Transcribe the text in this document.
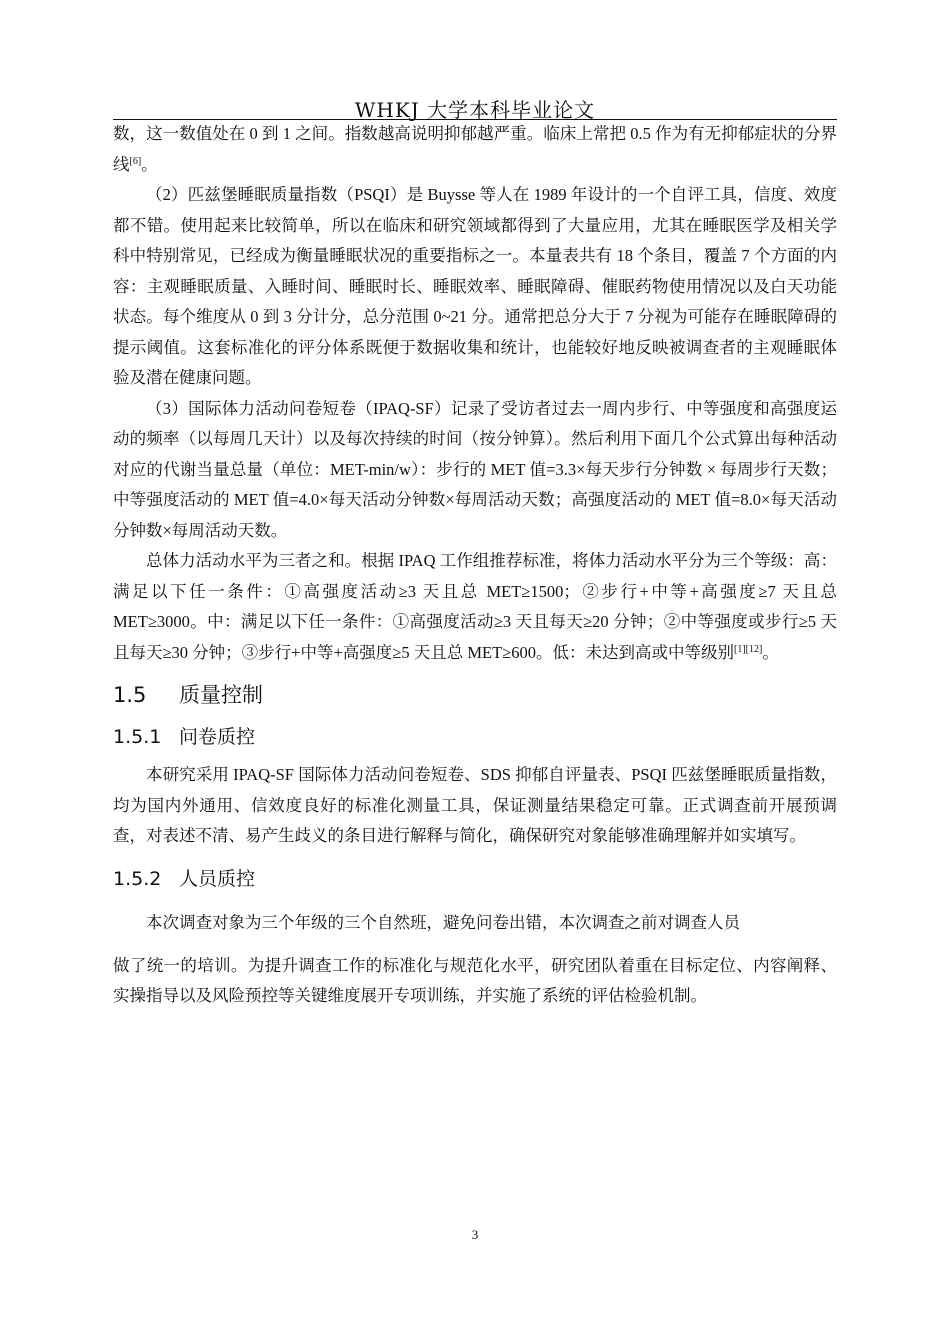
WHKJ 大学本科毕业论文

数，这一数值处在 0 到 1 之间。指数越高说明抑郁越严重。临床上常把 0.5 作为有无抑郁症状的分界线[6]。

（2）匹兹堡睡眠质量指数（PSQI）是 Buysse 等人在 1989 年设计的一个自评工具，信度、效度都不错。使用起来比较简单，所以在临床和研究领域都得到了大量应用，尤其在睡眠医学及相关学科中特别常见，已经成为衡量睡眠状况的重要指标之一。本量表共有 18 个条目，覆盖 7 个方面的内容：主观睡眠质量、入睡时间、睡眠时长、睡眠效率、睡眠障碍、催眠药物使用情况以及白天功能状态。每个维度从 0 到 3 分计分，总分范围 0~21 分。通常把总分大于 7 分视为可能存在睡眠障碍的提示阈值。这套标准化的评分体系既便于数据收集和统计，也能较好地反映被调查者的主观睡眠体验及潜在健康问题。

（3）国际体力活动问卷短卷（IPAQ-SF）记录了受访者过去一周内步行、中等强度和高强度运动的频率（以每周几天计）以及每次持续的时间（按分钟算）。然后利用下面几个公式算出每种活动对应的代谢当量总量（单位：MET-min/w）：步行的 MET 值=3.3×每天步行分钟数 × 每周步行天数；中等强度活动的 MET 值=4.0×每天活动分钟数×每周活动天数；高强度活动的 MET 值=8.0×每天活动分钟数×每周活动天数。

总体力活动水平为三者之和。根据 IPAQ 工作组推荐标准，将体力活动水平分为三个等级：高：满足以下任一条件：①高强度活动≥3 天且总 MET≥1500；②步行+中等+高强度≥7 天且总 MET≥3000。中：满足以下任一条件：①高强度活动≥3 天且每天≥20 分钟；②中等强度或步行≥5 天且每天≥30 分钟；③步行+中等+高强度≥5 天且总 MET≥600。低：未达到高或中等级别[1][12]。

1.5 质量控制
1.5.1 问卷质控

本研究采用 IPAQ-SF 国际体力活动问卷短卷、SDS 抑郁自评量表、PSQI 匹兹堡睡眠质量指数，均为国内外通用、信效度良好的标准化测量工具，保证测量结果稳定可靠。正式调查前开展预调查，对表述不清、易产生歧义的条目进行解释与简化，确保研究对象能够准确理解并如实填写。

1.5.2 人员质控

本次调查对象为三个年级的三个自然班，避免问卷出错，本次调查之前对调查人员

做了统一的培训。为提升调查工作的标准化与规范化水平，研究团队着重在目标定位、内容阐释、实操指导以及风险预控等关键维度展开专项训练，并实施了系统的评估检验机制。

3
